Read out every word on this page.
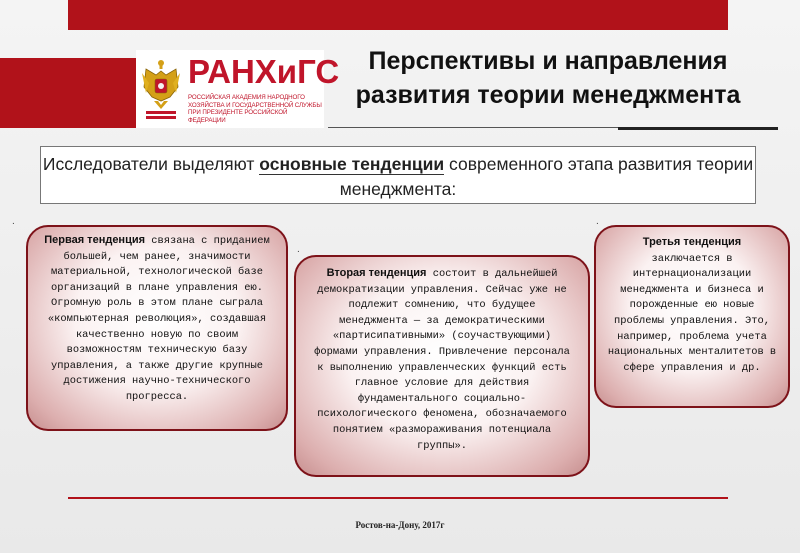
РАНХиГС
РОССИЙСКАЯ АКАДЕМИЯ НАРОДНОГО ХОЗЯЙСТВА И ГОСУДАРСТВЕННОЙ СЛУЖБЫ ПРИ ПРЕЗИДЕНТЕ РОССИЙСКОЙ ФЕДЕРАЦИИ
Перспективы и направления развития теории менеджмента
Исследователи выделяют основные тенденции современного этапа развития теории менеджмента:
.
.
.
Первая тенденция связана с приданием большей, чем ранее, значимости материальной, технологической базе организаций в плане управления ею. Огромную роль в этом плане сыграла «компьютерная революция», создавшая качественно новую по своим возможностям техническую базу управления, а также другие крупные достижения научно-технического прогресса.
Вторая тенденция состоит в дальнейшей демократизации управления. Сейчас уже не подлежит сомнению, что будущее менеджмента — за демократическими «партисипативными» (соучаствующими) формами управления. Привлечение персонала к выполнению управленческих функций есть главное условие для действия фундаментального социально-психологического феномена, обозначаемого понятием «размораживания потенциала группы».
Третья тенденция
заключается в интернационализации менеджмента и бизнеса и порожденные ею новые проблемы управления. Это, например, проблема учета национальных менталитетов в сфере управления и др.
Ростов-на-Дону, 2017г
